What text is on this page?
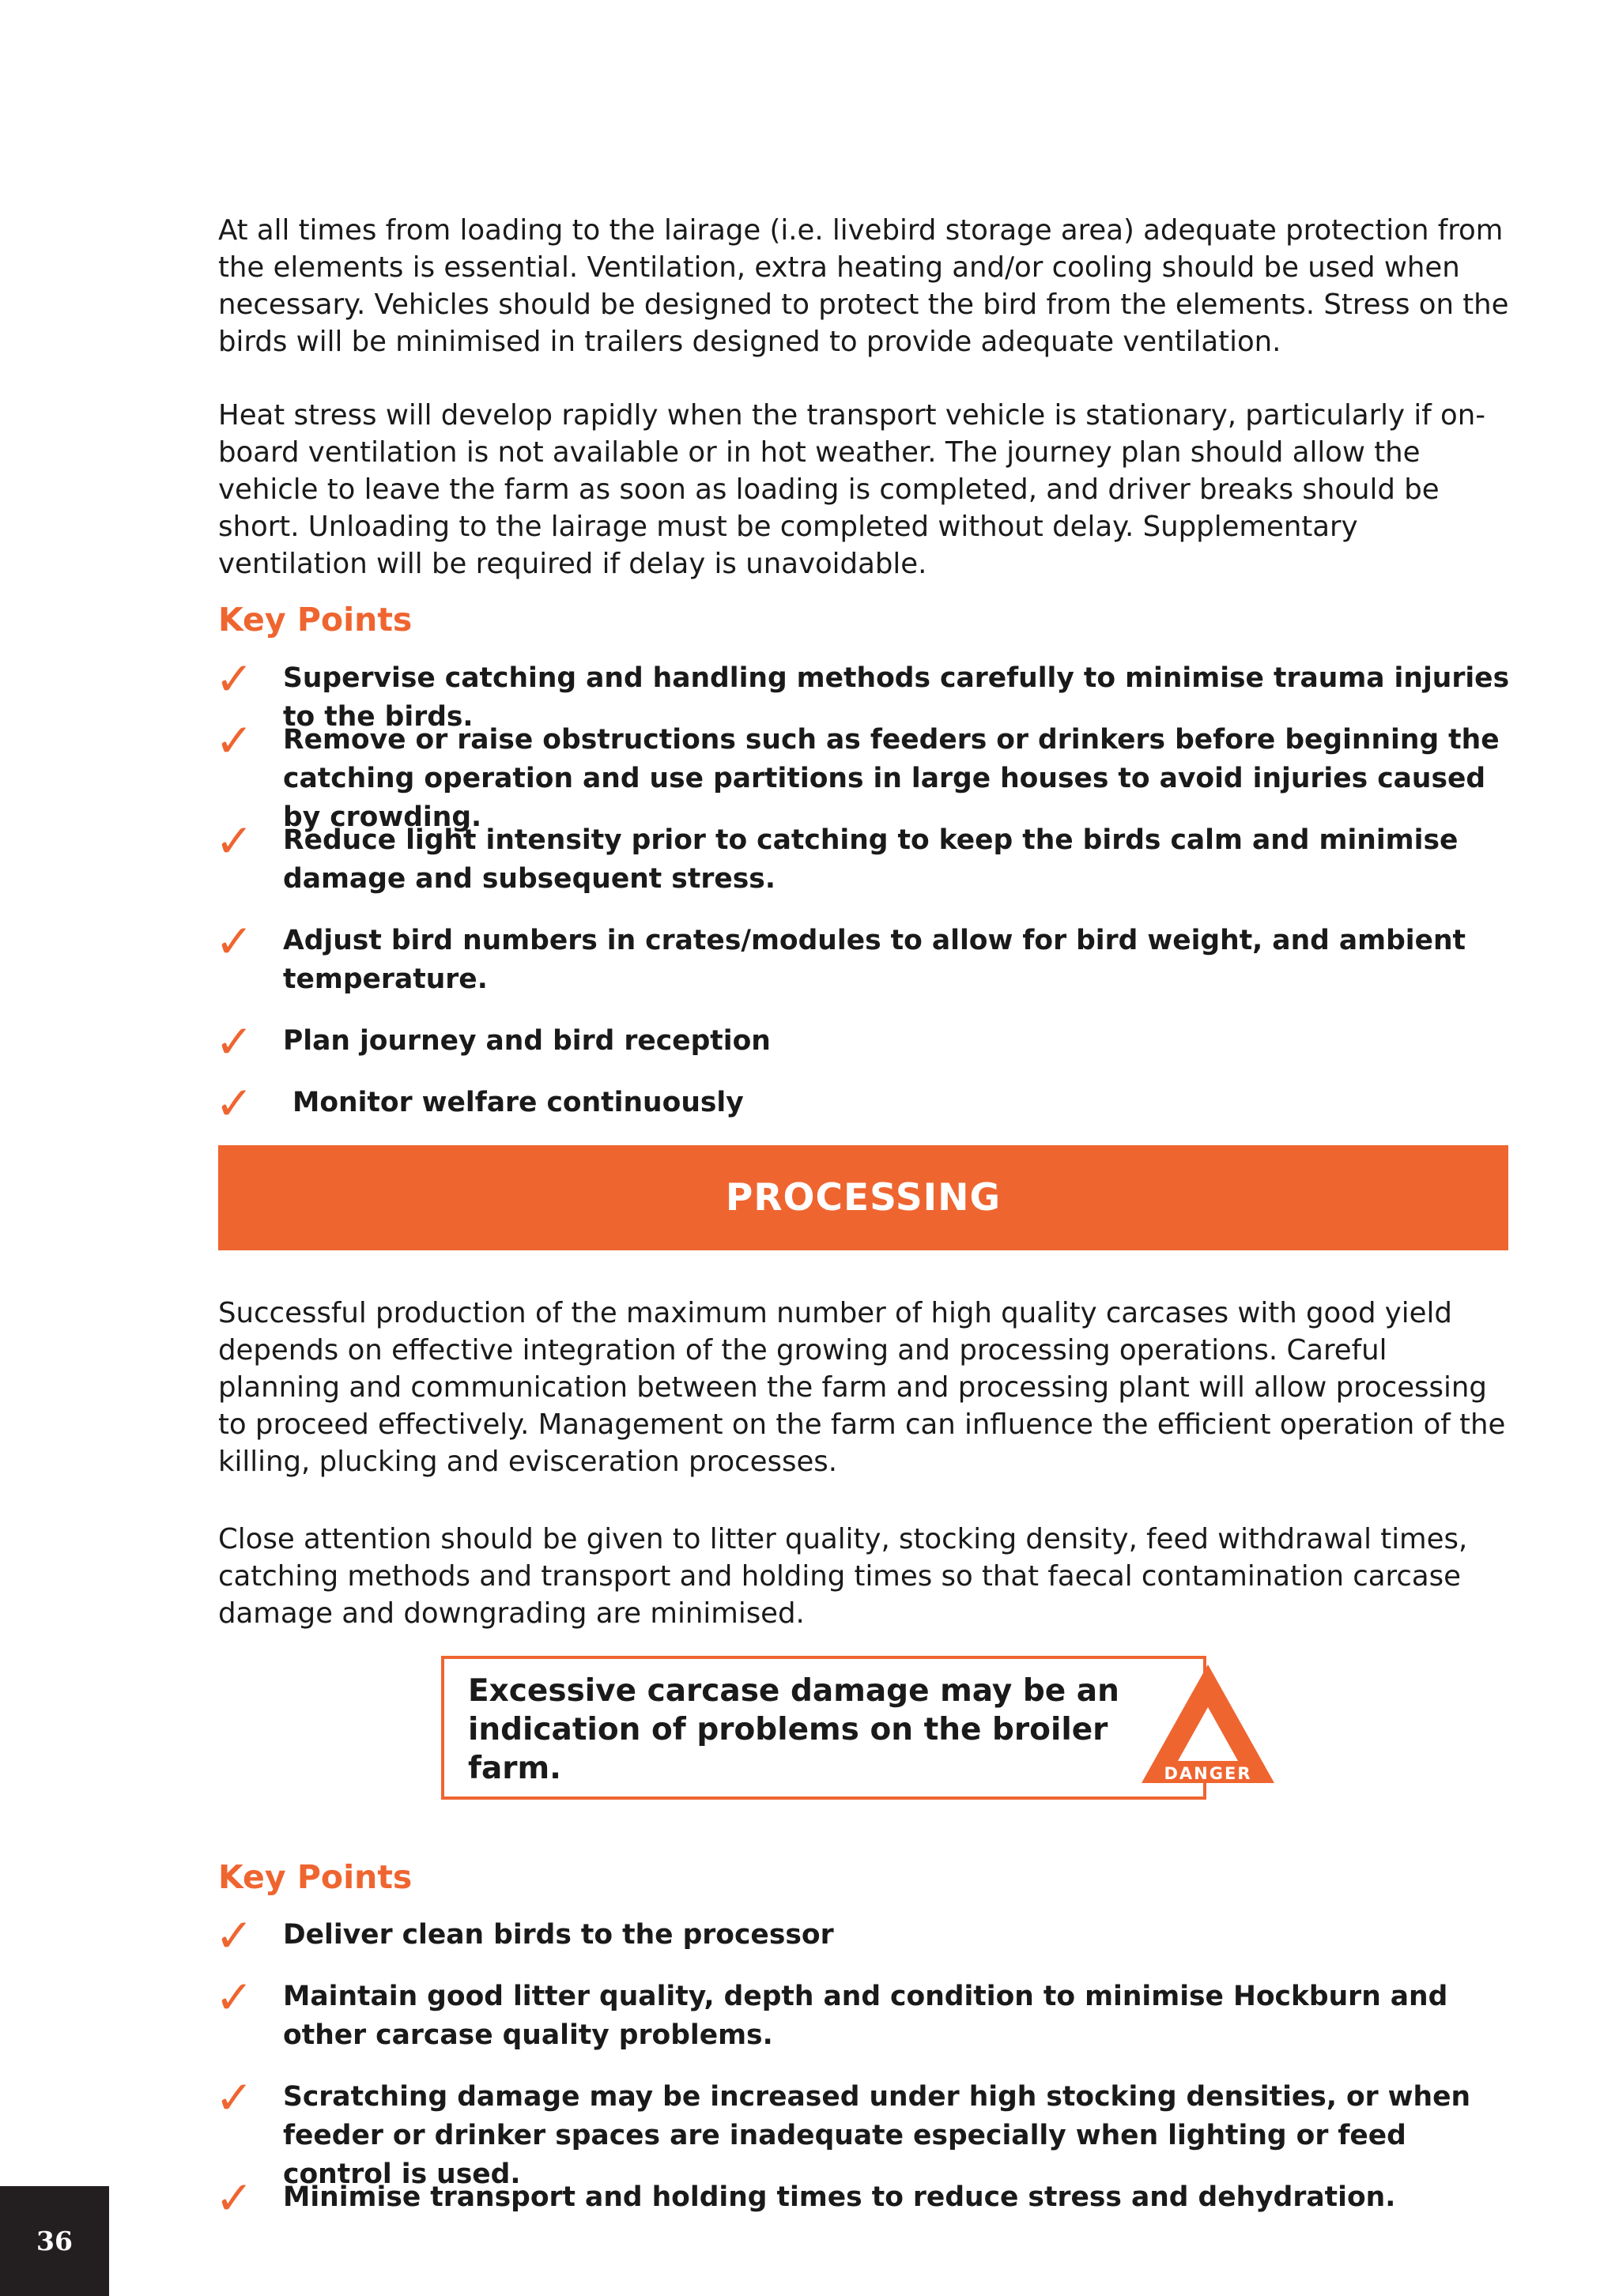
At all times from loading to the lairage (i.e. livebird storage area) adequate protection from the elements is essential. Ventilation, extra heating and/or cooling should be used when necessary. Vehicles should be designed to protect the bird from the elements. Stress on the birds will be minimised in trailers designed to provide adequate ventilation.

Heat stress will develop rapidly when the transport vehicle is stationary, particularly if on-board ventilation is not available or in hot weather. The journey plan should allow the vehicle to leave the farm as soon as loading is completed, and driver breaks should be short. Unloading to the lairage must be completed without delay. Supplementary ventilation will be required if delay is unavoidable.

Key Points
✓	Supervise catching and handling methods carefully to minimise trauma injuries to the birds.
✓	Remove or raise obstructions such as feeders or drinkers before beginning the catching operation and use partitions in large houses to avoid injuries caused by crowding.
✓	Reduce light intensity prior to catching to keep the birds calm and minimise damage and subsequent stress.
✓	Adjust bird numbers in crates/modules to allow for bird weight, and ambient temperature.
✓	Plan journey and bird reception
✓	Monitor welfare continuously
PROCESSING

Successful production of the maximum number of high quality carcases with good yield depends on effective integration of the growing and processing operations. Careful planning and communication between the farm and processing plant will allow processing to proceed effectively. Management on the farm can influence the efficient operation of the killing, plucking and evisceration processes.

Close attention should be given to litter quality, stocking density, feed withdrawal times, catching methods and transport and holding times so that faecal contamination carcase damage and downgrading are minimised.

Excessive carcase damage may be an indication of problems on the broiler farm.	DANGER
Key Points
✓	Deliver clean birds to the processor
✓	Maintain good litter quality, depth and condition to minimise Hockburn and other carcase quality problems.
✓	Scratching damage may be increased under high stocking densities, or when feeder or drinker spaces are inadequate especially when lighting or feed control is used.
✓	Minimise transport and holding times to reduce stress and dehydration.
36
